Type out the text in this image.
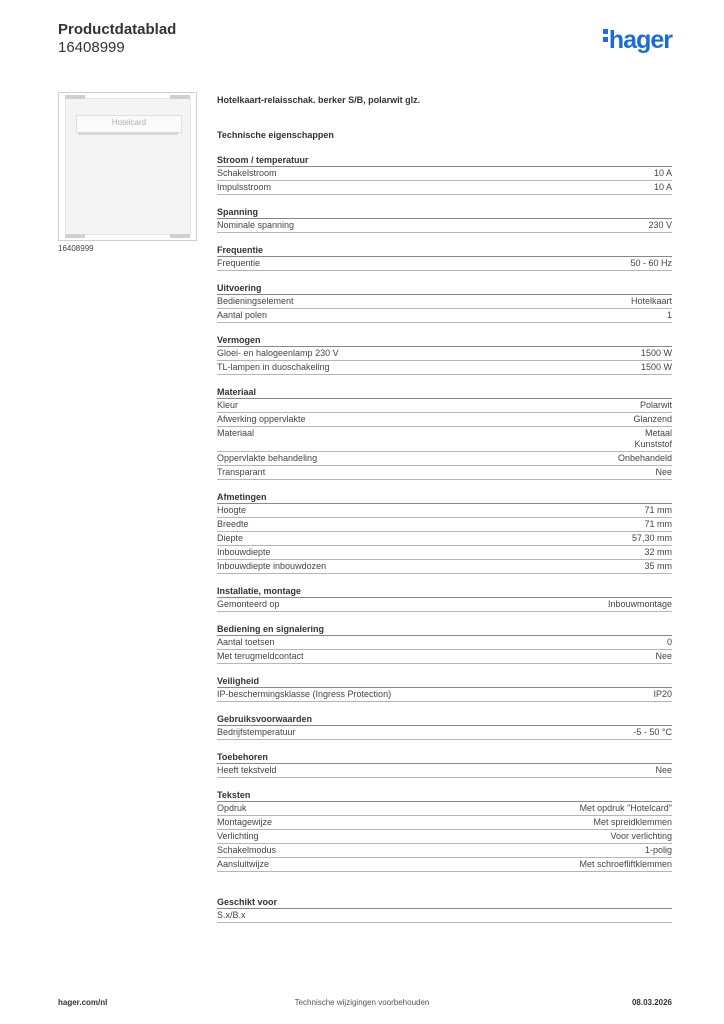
Productdatablad
16408999	hager
Hotelcard
16408999
Hotelkaart-relaisschak. berker S/B, polarwit glz.
Technische eigenschappen
Stroom / temperatuur
Schakelstroom	10 A
Impulsstroom	10 A
Spanning
Nominale spanning	230 V
Frequentie
Frequentie	50 - 60 Hz
Uitvoering
Bedieningselement	Hotelkaart
Aantal polen	1
Vermogen
Gloei- en halogeenlamp 230 V	1500 W
TL-lampen in duoschakeling	1500 W
Materiaal
Kleur	Polarwit
Afwerking oppervlakte	Glanzend
Materiaal	Metaal
Kunststof
Oppervlakte behandeling	Onbehandeld
Transparant	Nee
Afmetingen
Hoogte	71 mm
Breedte	71 mm
Diepte	57,30 mm
Inbouwdiepte	32 mm
Inbouwdiepte inbouwdozen	35 mm
Installatie, montage
Gemonteerd op	Inbouwmontage
Bediening en signalering
Aantal toetsen	0
Met terugmeldcontact	Nee
Veiligheid
IP-beschermingsklasse (Ingress Protection)	IP20
Gebruiksvoorwaarden
Bedrijfstemperatuur	-5 - 50 °C
Toebehoren
Heeft tekstveld	Nee
Teksten
Opdruk	Met opdruk "Hotelcard"
Montagewijze	Met spreidklemmen
Verlichting	Voor verlichting
Schakelmodus	1-polig
Aansluitwijze	Met schroefliftklemmen
Geschikt voor
S.x/B.x
hager.com/nl	Technische wijzigingen voorbehouden	08.03.2026
